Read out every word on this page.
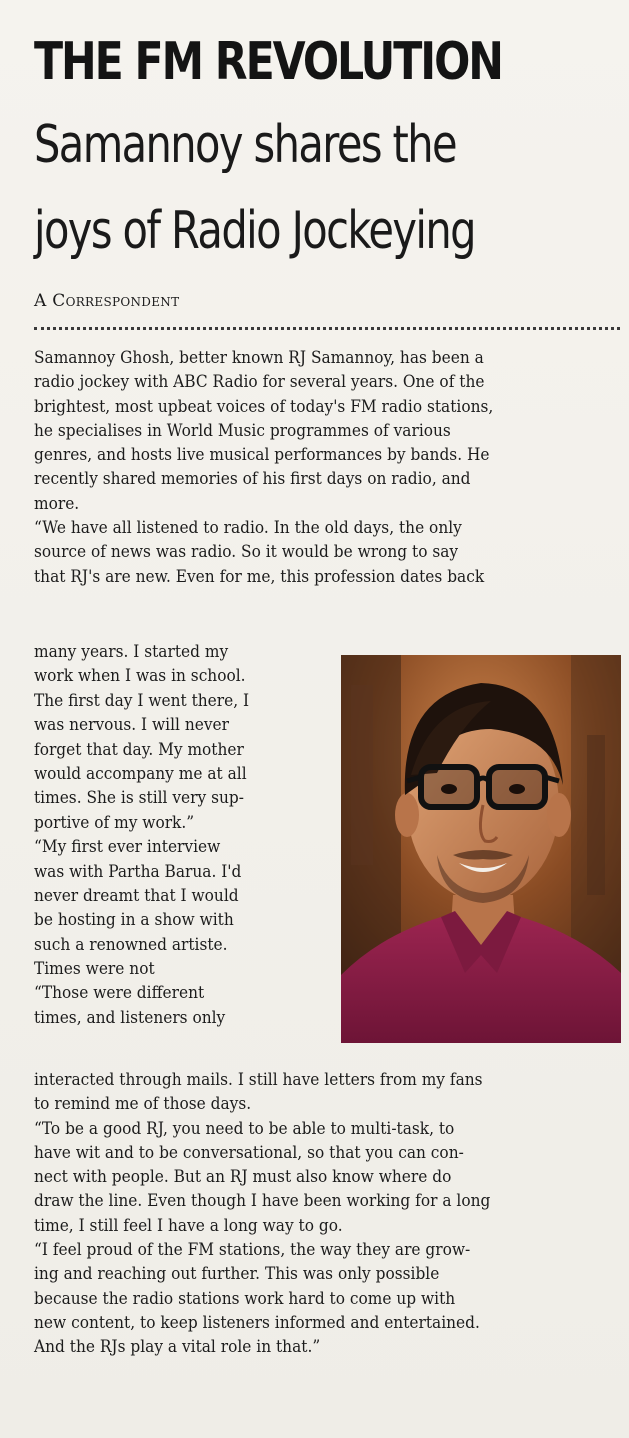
THE FM REVOLUTION
Samannoy shares the
joys of Radio Jockeying

A Correspondent

Samannoy Ghosh, better known RJ Samannoy, has been a
radio jockey with ABC Radio for several years. One of the
brightest, most upbeat voices of today's FM radio stations,
he specialises in World Music programmes of various
genres, and hosts live musical performances by bands. He
recently shared memories of his first days on radio, and
more.
“We have all listened to radio. In the old days, the only
source of news was radio. So it would be wrong to say
that RJ's are new. Even for me, this profession dates back
many years. I started my
work when I was in school.
The first day I went there, I
was nervous. I will never
forget that day. My mother
would accompany me at all
times. She is still very sup-
portive of my work.”
“My first ever interview
was with Partha Barua. I'd
never dreamt that I would
be hosting in a show with
such a renowned artiste.
Times were not
“Those were different
times, and listeners only
interacted through mails. I still have letters from my fans
to remind me of those days.
“To be a good RJ, you need to be able to multi-task, to
have wit and to be conversational, so that you can con-
nect with people. But an RJ must also know where do
draw the line. Even though I have been working for a long
time, I still feel I have a long way to go.
“I feel proud of the FM stations, the way they are grow-
ing and reaching out further. This was only possible
because the radio stations work hard to come up with
new content, to keep listeners informed and entertained.
And the RJs play a vital role in that.”
